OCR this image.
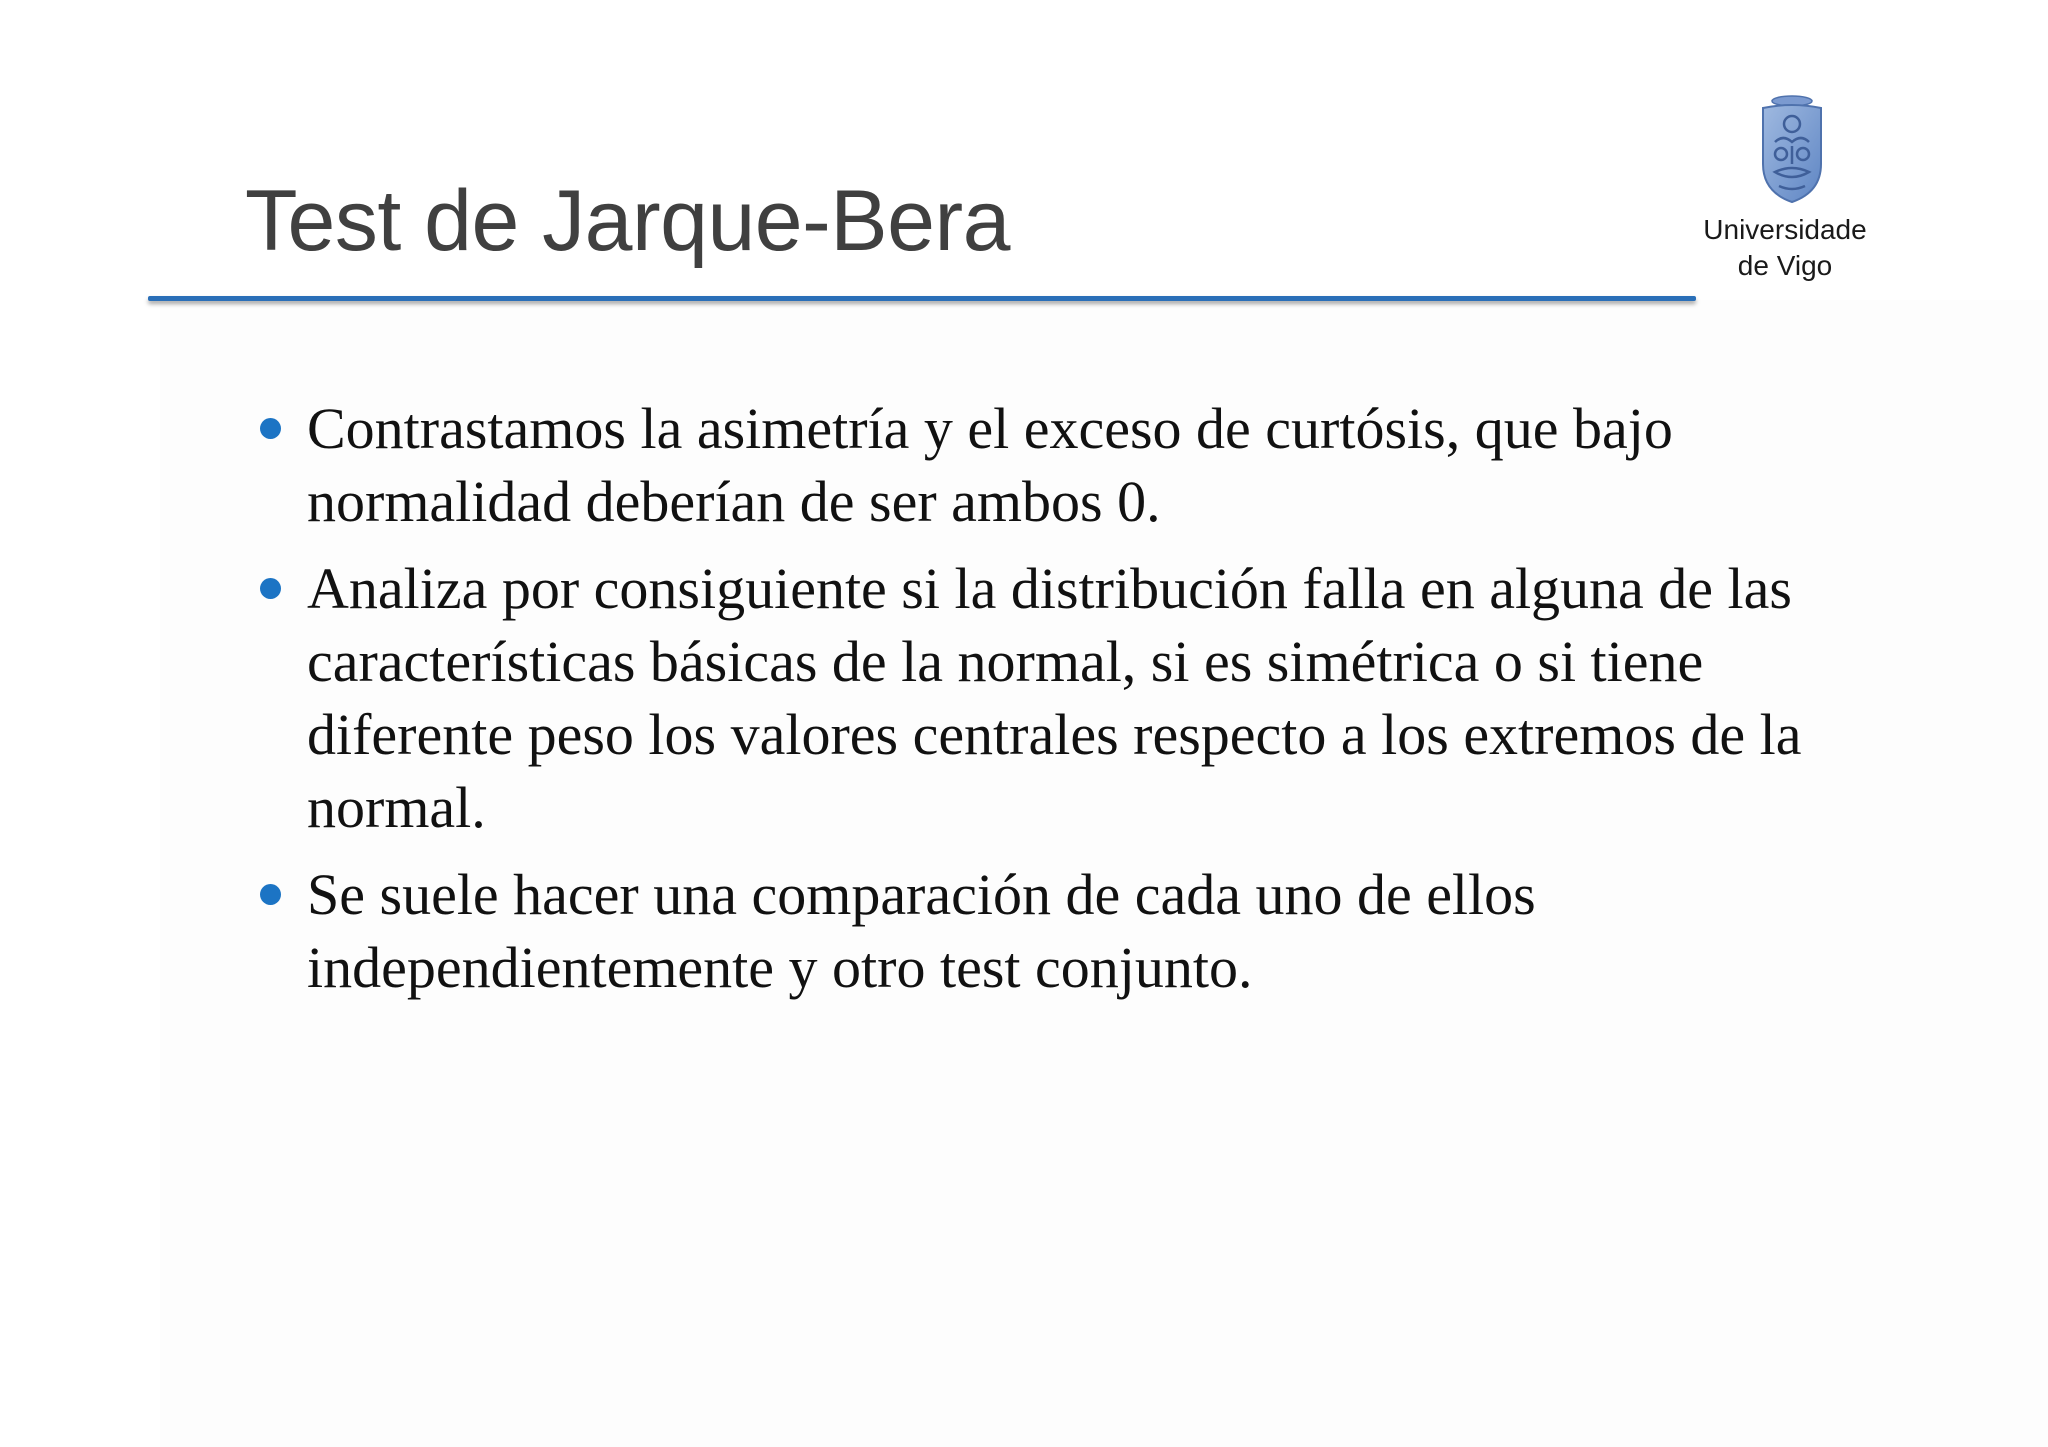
Test de Jarque-Bera	Universidade
de Vigo
Contrastamos la asimetría y el exceso de curtósis, que bajo normalidad deberían de ser ambos 0.
Analiza por consiguiente si la distribución falla en alguna de las características básicas de la normal, si es simétrica o si tiene diferente peso los valores centrales respecto a los extremos de la normal.
Se suele hacer una comparación de cada uno de ellos independientemente y otro test conjunto.
